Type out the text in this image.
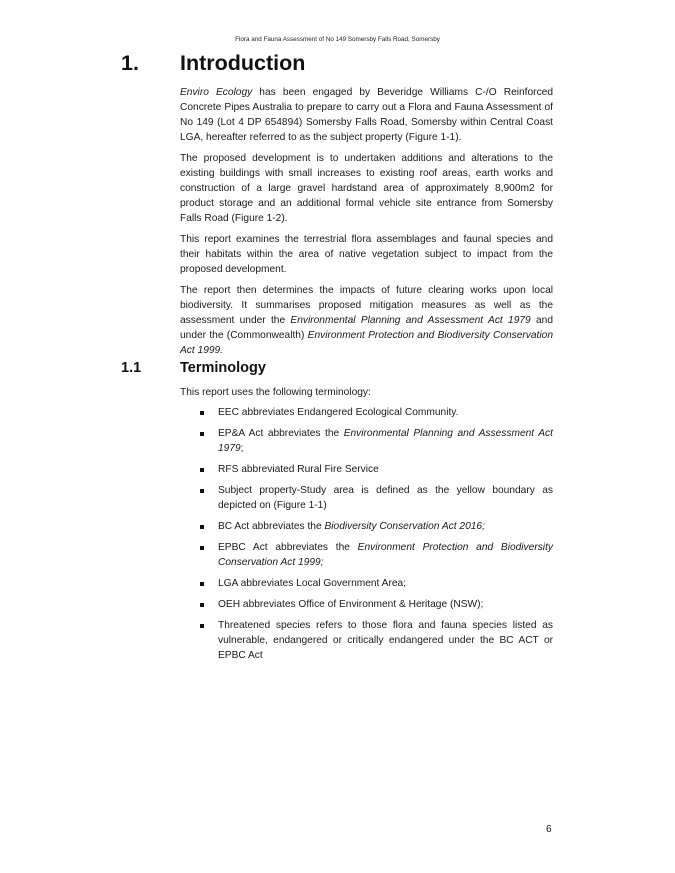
Flora and Fauna Assessment of No 149 Somersby Falls Road, Somersby
1. Introduction

Enviro Ecology has been engaged by Beveridge Williams C-/O Reinforced Concrete Pipes Australia to prepare to carry out a Flora and Fauna Assessment of No 149 (Lot 4 DP 654894) Somersby Falls Road, Somersby within Central Coast LGA, hereafter referred to as the subject property (Figure 1-1).

The proposed development is to undertaken additions and alterations to the existing buildings with small increases to existing roof areas, earth works and construction of a large gravel hardstand area of approximately 8,900m2 for product storage and an additional formal vehicle site entrance from Somersby Falls Road (Figure 1-2).

This report examines the terrestrial flora assemblages and faunal species and their habitats within the area of native vegetation subject to impact from the proposed development.

The report then determines the impacts of future clearing works upon local biodiversity. It summarises proposed mitigation measures as well as the assessment under the Environmental Planning and Assessment Act 1979 and under the (Commonwealth) Environment Protection and Biodiversity Conservation Act 1999.

1.1	Terminology
This report uses the following terminology:
EEC abbreviates Endangered Ecological Community.
EP&A Act abbreviates the Environmental Planning and Assessment Act 1979;
RFS abbreviated Rural Fire Service
Subject property-Study area is defined as the yellow boundary as depicted on (Figure 1-1)
BC Act abbreviates the Biodiversity Conservation Act 2016;
EPBC Act abbreviates the Environment Protection and Biodiversity Conservation Act 1999;
LGA abbreviates Local Government Area;
OEH abbreviates Office of Environment & Heritage (NSW);
Threatened species refers to those flora and fauna species listed as vulnerable, endangered or critically endangered under the BC ACT or EPBC Act
6
